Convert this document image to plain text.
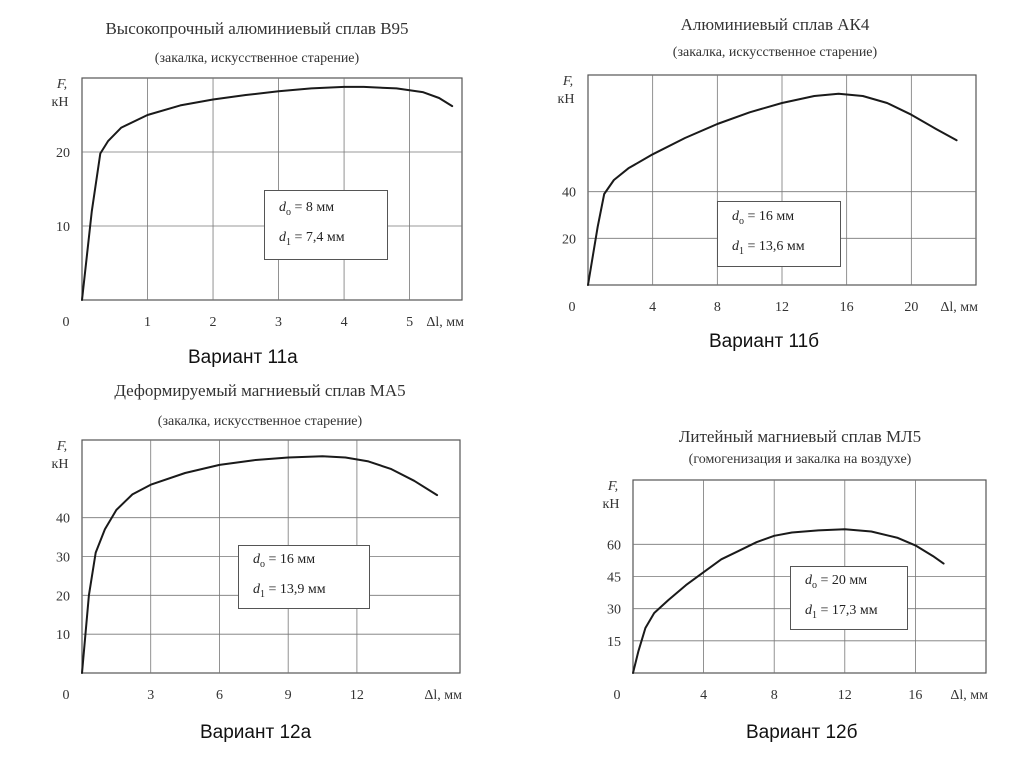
Высокопрочный алюминиевый сплав В95
(закалка, искусственное старение)
0	1	2	3	4	5
10
20
Δl, мм
F,
кН
$d_о = 8$ мм
$d_1 = 7,4$ мм
Вариант 11а
Алюминиевый сплав АК4
(закалка, искусственное старение)
0	4	8	12	16	20
20
40
Δl, мм
F,
кН
$d_о = 16$ мм
$d_1 = 13,6$ мм
Вариант 11б
Деформируемый магниевый сплав МА5
(закалка, искусственное старение)
0	3	6	9	12
10
20
30
40
Δl, мм
F,
кН
$d_о = 16$ мм
$d_1 = 13,9$ мм
Вариант 12а
Литейный магниевый сплав МЛ5
(гомогенизация и закалка на воздухе)
0	4	8	12	16
15
30
45
60
Δl, мм
F,
кН
$d_о = 20$ мм
$d_1 = 17,3$ мм
Вариант 12б
